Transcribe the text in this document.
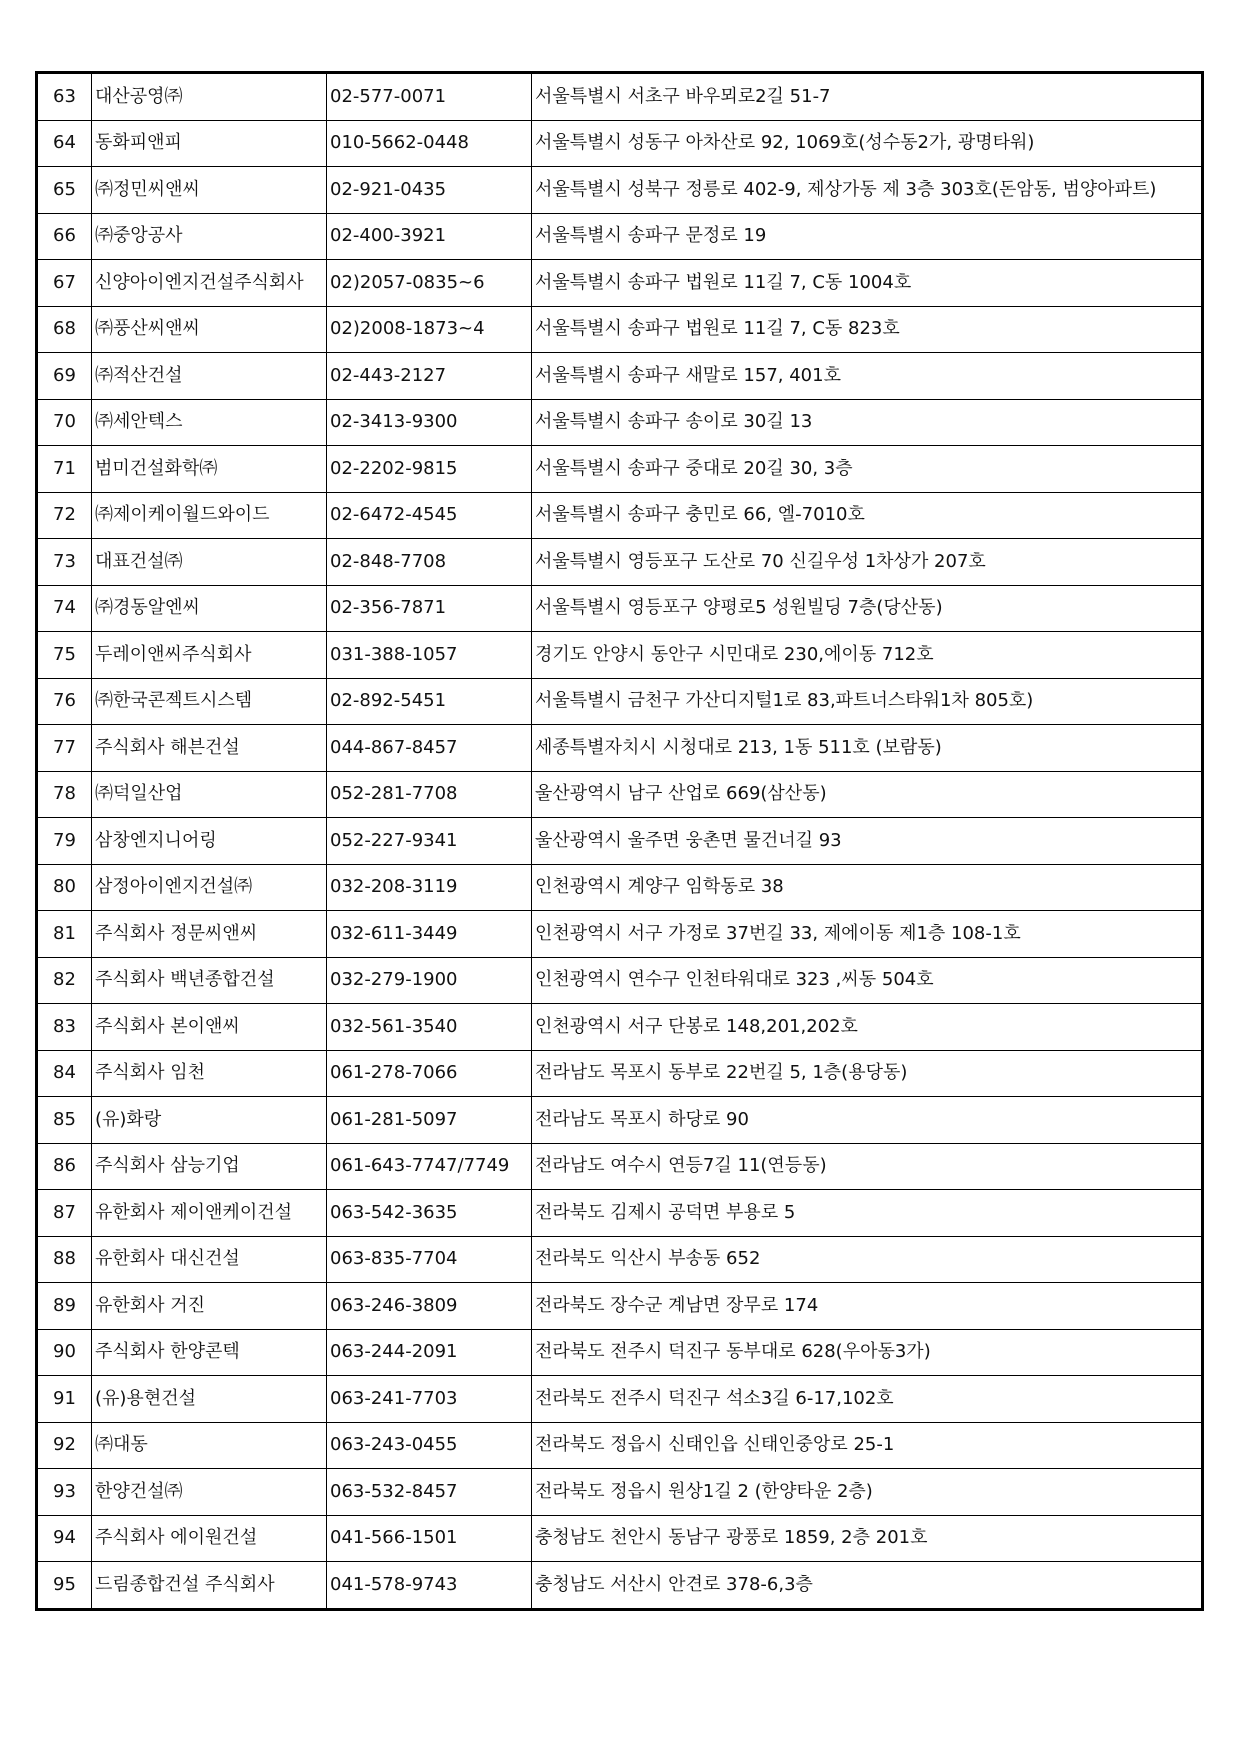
63	대산공영㈜	02-577-0071	서울특별시 서초구 바우뫼로2길 51-7
64	동화피앤피	010-5662-0448	서울특별시 성동구 아차산로 92, 1069호(성수동2가, 광명타워)
65	㈜정민씨앤씨	02-921-0435	서울특별시 성북구 정릉로 402-9, 제상가동 제 3층 303호(돈암동, 범양아파트)
66	㈜중앙공사	02-400-3921	서울특별시 송파구 문정로 19
67	신양아이엔지건설주식회사	02)2057-0835~6	서울특별시 송파구 법원로 11길 7, C동 1004호
68	㈜풍산씨앤씨	02)2008-1873~4	서울특별시 송파구 법원로 11길 7, C동 823호
69	㈜적산건설	02-443-2127	서울특별시 송파구 새말로 157, 401호
70	㈜세안텍스	02-3413-9300	서울특별시 송파구 송이로 30길 13
71	범미건설화학㈜	02-2202-9815	서울특별시 송파구 중대로 20길 30, 3층
72	㈜제이케이월드와이드	02-6472-4545	서울특별시 송파구 충민로 66, 엘-7010호
73	대표건설㈜	02-848-7708	서울특별시 영등포구 도산로 70 신길우성 1차상가 207호
74	㈜경동알엔씨	02-356-7871	서울특별시 영등포구 양평로5 성원빌딩 7층(당산동)
75	두레이앤씨주식회사	031-388-1057	경기도 안양시 동안구 시민대로 230,에이동 712호
76	㈜한국콘젝트시스템	02-892-5451	서울특별시 금천구 가산디지털1로 83,파트너스타워1차 805호)
77	주식회사 해븐건설	044-867-8457	세종특별자치시 시청대로 213, 1동 511호 (보람동)
78	㈜덕일산업	052-281-7708	울산광역시 남구 산업로 669(삼산동)
79	삼창엔지니어링	052-227-9341	울산광역시 울주면 웅촌면 물건너길 93
80	삼정아이엔지건설㈜	032-208-3119	인천광역시 계양구 임학동로 38
81	주식회사 정문씨앤씨	032-611-3449	인천광역시 서구 가정로 37번길 33, 제에이동 제1층 108-1호
82	주식회사 백년종합건설	032-279-1900	인천광역시 연수구 인천타워대로 323 ,씨동 504호
83	주식회사 본이앤씨	032-561-3540	인천광역시 서구 단봉로 148,201,202호
84	주식회사 임천	061-278-7066	전라남도 목포시 동부로 22번길 5, 1층(용당동)
85	(유)화랑	061-281-5097	전라남도 목포시 하당로 90
86	주식회사 삼능기업	061-643-7747/7749	전라남도 여수시 연등7길 11(연등동)
87	유한회사 제이앤케이건설	063-542-3635	전라북도 김제시 공덕면 부용로 5
88	유한회사 대신건설	063-835-7704	전라북도 익산시 부송동 652
89	유한회사 거진	063-246-3809	전라북도 장수군 계남면 장무로 174
90	주식회사 한양콘텍	063-244-2091	전라북도 전주시 덕진구 동부대로 628(우아동3가)
91	(유)용현건설	063-241-7703	전라북도 전주시 덕진구 석소3길 6-17,102호
92	㈜대동	063-243-0455	전라북도 정읍시 신태인읍 신태인중앙로 25-1
93	한양건설㈜	063-532-8457	전라북도 정읍시 원상1길 2 (한양타운 2층)
94	주식회사 에이원건설	041-566-1501	충청남도 천안시 동남구 광풍로 1859, 2층 201호
95	드림종합건설 주식회사	041-578-9743	충청남도 서산시 안견로 378-6,3층
